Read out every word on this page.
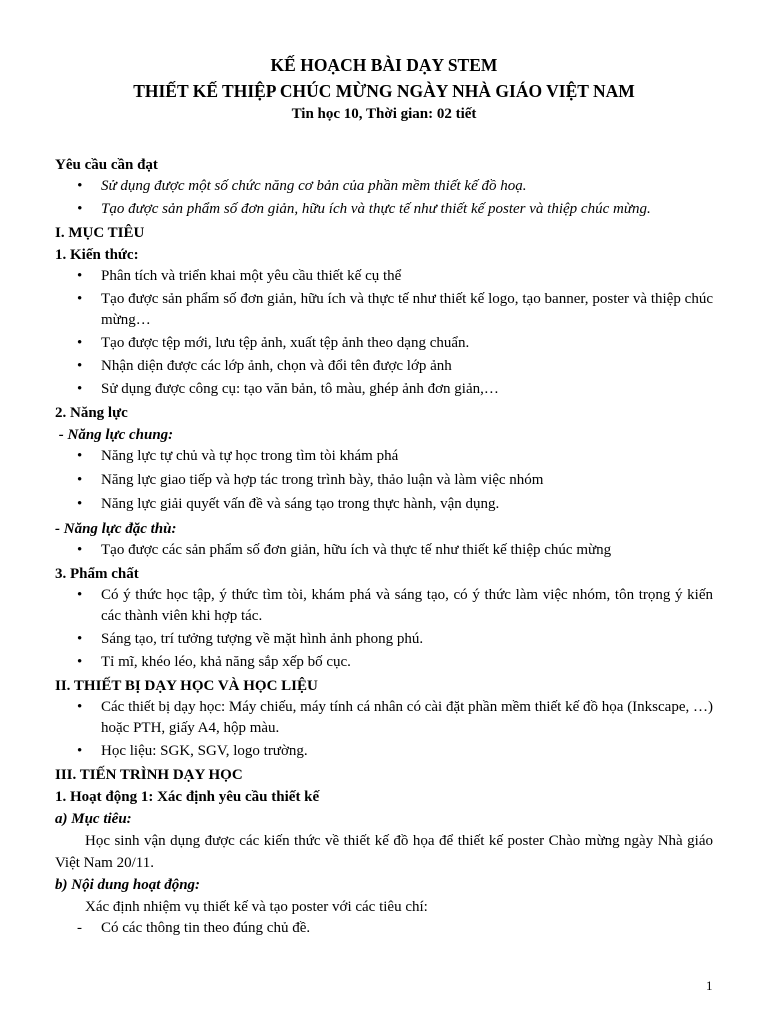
KẾ HOẠCH BÀI DẠY STEM

THIẾT KẾ THIỆP CHÚC MỪNG NGÀY NHÀ GIÁO VIỆT NAM

Tin học 10, Thời gian: 02 tiết

Yêu cầu cần đạt

• Sử dụng được một số chức năng cơ bản của phần mềm thiết kế đồ hoạ.
• Tạo được sản phẩm số đơn giản, hữu ích và thực tế như thiết kế poster và thiệp chúc mừng.

I. MỤC TIÊU

1. Kiến thức:

• Phân tích và triển khai một yêu cầu thiết kế cụ thể
• Tạo được sản phẩm số đơn giản, hữu ích và thực tế như thiết kế logo, tạo banner, poster và thiệp chúc mừng…
• Tạo được tệp mới, lưu tệp ảnh, xuất tệp ảnh theo dạng chuẩn.
• Nhận diện được các lớp ảnh, chọn và đổi tên được lớp ảnh
• Sử dụng được công cụ: tạo văn bản, tô màu, ghép ảnh đơn giản,…

2. Năng lực

- Năng lực chung:

• Năng lực tự chủ và tự học trong tìm tòi khám phá
• Năng lực giao tiếp và hợp tác trong trình bày, thảo luận và làm việc nhóm
• Năng lực giải quyết vấn đề và sáng tạo trong thực hành, vận dụng.

- Năng lực đặc thù:

• Tạo được các sản phẩm số đơn giản, hữu ích và thực tế như thiết kế thiệp chúc mừng

3. Phẩm chất

• Có ý thức học tập, ý thức tìm tòi, khám phá và sáng tạo, có ý thức làm việc nhóm, tôn trọng ý kiến các thành viên khi hợp tác.
• Sáng tạo, trí tưởng tượng về mặt hình ảnh phong phú.
• Tỉ mĩ, khéo léo, khả năng sắp xếp bố cục.

II. THIẾT BỊ DẠY HỌC VÀ HỌC LIỆU

• Các thiết bị dạy học: Máy chiếu, máy tính cá nhân có cài đặt phần mềm thiết kế đồ họa (Inkscape, …) hoặc PTH, giấy A4, hộp màu.
• Học liệu: SGK, SGV, logo trường.

III. TIẾN TRÌNH DẠY HỌC

1. Hoạt động 1: Xác định yêu cầu thiết kế

a) Mục tiêu:

Học sinh vận dụng được các kiến thức về thiết kế đồ họa để thiết kế poster Chào mừng ngày Nhà giáo Việt Nam 20/11.

b) Nội dung hoạt động:

Xác định nhiệm vụ thiết kế và tạo poster với các tiêu chí:

- Có các thông tin theo đúng chủ đề.
1
